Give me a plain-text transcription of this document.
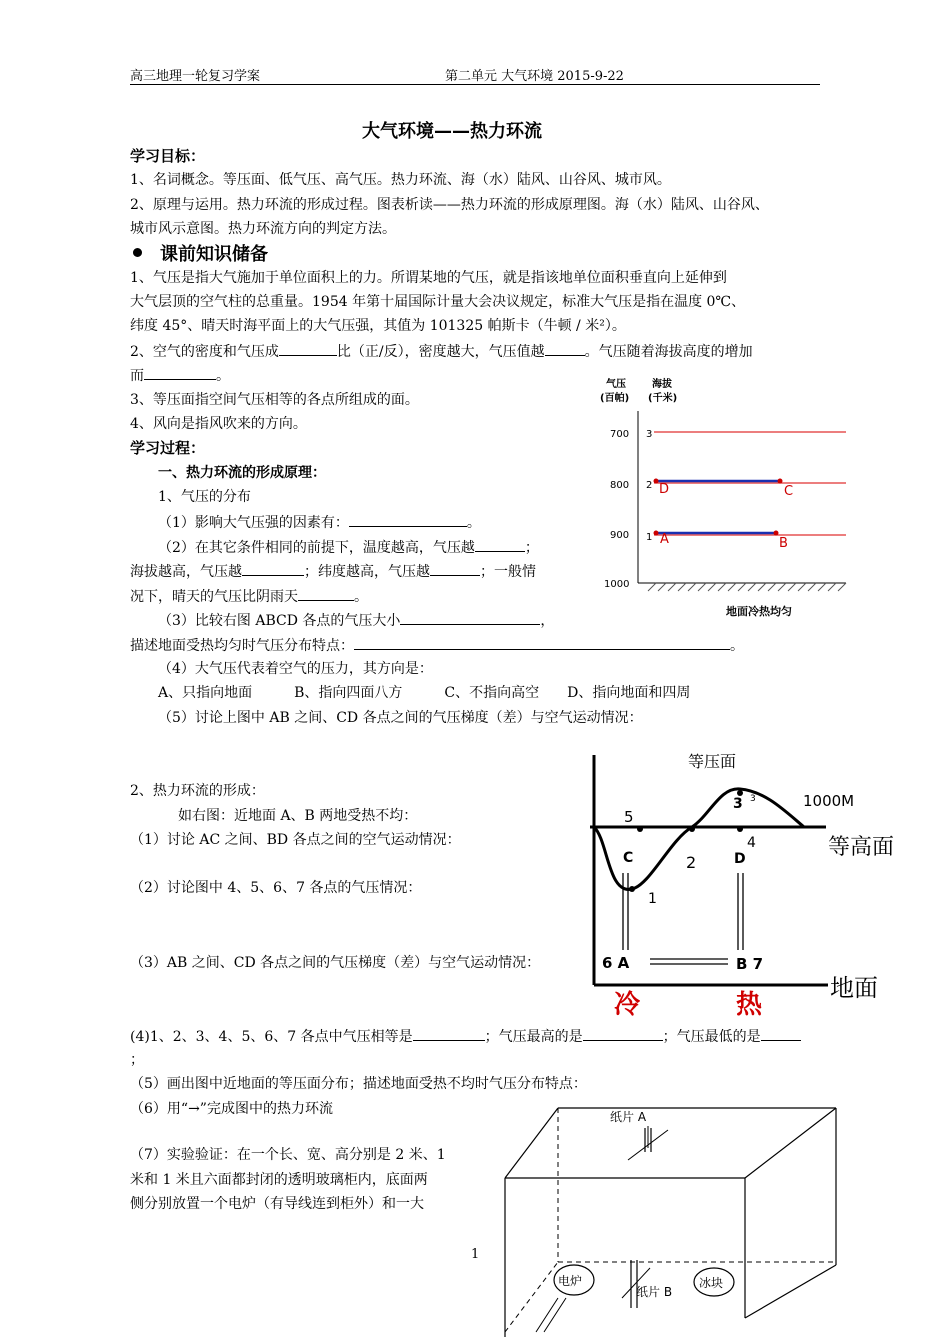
高三地理一轮复习学案	第二单元 大气环境 2015-9-22
大气环境——热力环流
学习目标：
1、名词概念。等压面、低气压、高气压。热力环流、海（水）陆风、山谷风、城市风。
2、原理与运用。热力环流的形成过程。图表析读——热力环流的形成原理图。海（水）陆风、山谷风、
城市风示意图。热力环流方向的判定方法。
课前知识储备
1、气压是指大气施加于单位面积上的力。所谓某地的气压，就是指该地单位面积垂直向上延伸到
大气层顶的空气柱的总重量。1954 年第十届国际计量大会决议规定，标准大气压是指在温度 0℃、
纬度 45°、晴天时海平面上的大气压强，其值为 101325 帕斯卡（牛顿 / 米²）。
2、空气的密度和气压成	比（正/反），密度越大，气压值越	。气压随着海拔高度的增加
而	。
3、等压面指空间气压相等的各点所组成的面。
4、风向是指风吹来的方向。
学习过程：
一、热力环流的形成原理：
1、气压的分布
（1）影响大气压强的因素有：	。
（2）在其它条件相同的前提下，温度越高，气压越	；
海拔越高，气压越	；纬度越高，气压越	；一般情
况下，晴天的气压比阴雨天	。
（3）比较右图 ABCD 各点的气压大小	，
描述地面受热均匀时气压分布特点：	。
（4）大气压代表着空气的压力，其方向是：
A、只指向地面　　　B、指向四面八方　　　C、不指向高空　　D、指向地面和四周
（5）讨论上图中 AB 之间、CD 各点之间的气压梯度（差）与空气运动情况：
2、热力环流的形成：
如右图：近地面 A、B 两地受热不均：
（1）讨论 AC 之间、BD 各点之间的空气运动情况：
（2）讨论图中 4、5、6、7 各点的气压情况：
（3）AB 之间、CD 各点之间的气压梯度（差）与空气运动情况：
(4)1、2、3、4、5、6、7 各点中气压相等是	；气压最高的是	；气压最低的是
；
（5）画出图中近地面的等压面分布；描述地面受热不均时气压分布特点：
（6）用“→”完成图中的热力环流
（7）实验验证：在一个长、宽、高分别是 2 米、1
米和 1 米且六面都封闭的透明玻璃柜内，底面两
侧分别放置一个电炉（有导线连到柜外）和一大
1
气压
(百帕)
海拔
(千米)
700 3
800 2 D	C
900 1 A	B
1000
地面冷热均匀
等压面
1000M
等高面
地面
5
2
4
3 3
1
C	D
6 A	B 7
冷	热
纸片 A
电炉
纸片 B
冰块
